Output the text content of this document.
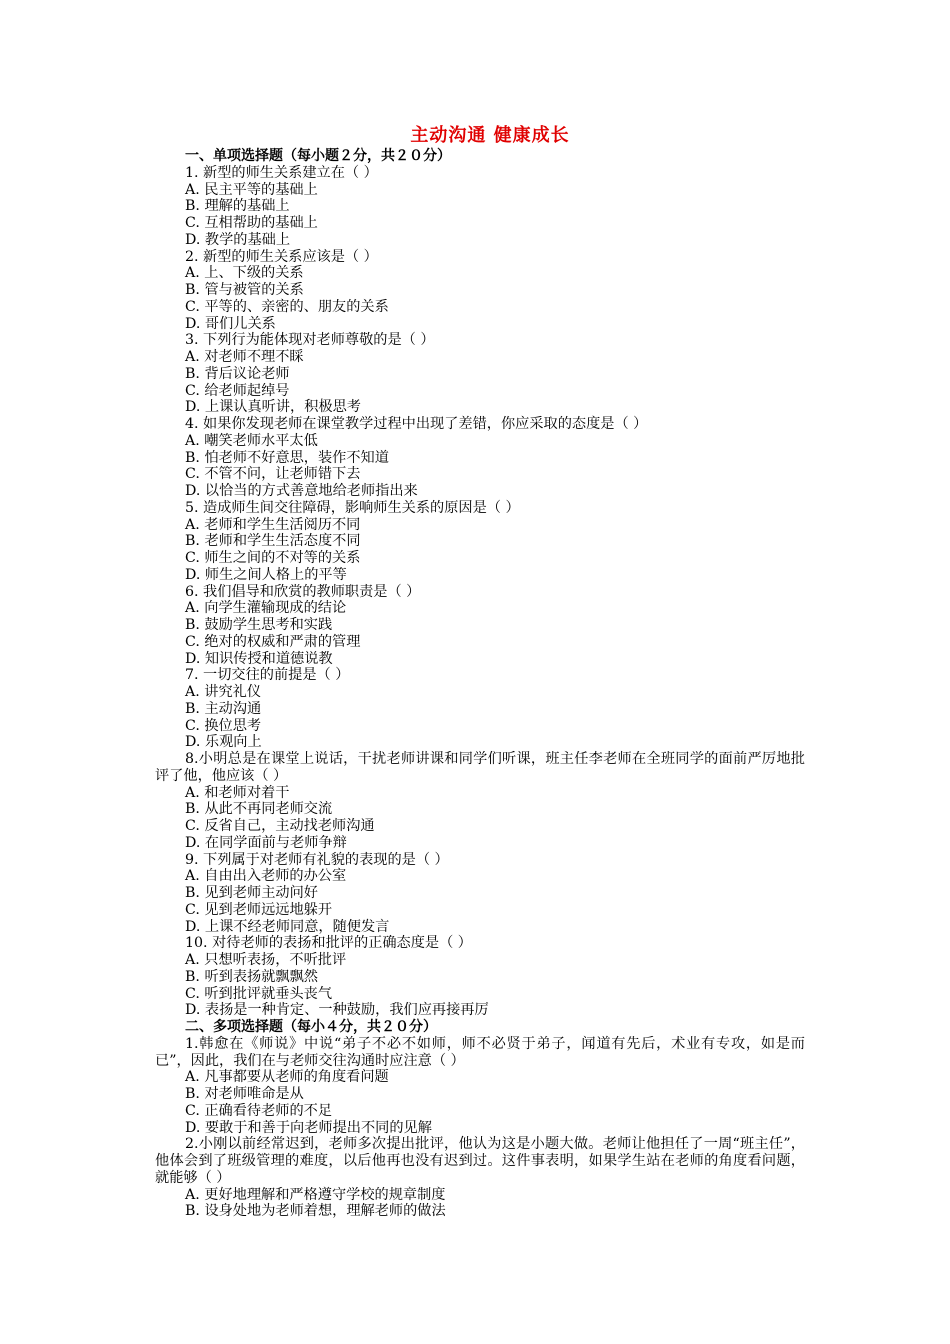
主动沟通 健康成长
一、单项选择题（每小题２分，共２０分）
1. 新型的师生关系建立在（ ）
A. 民主平等的基础上
B. 理解的基础上
C. 互相帮助的基础上
D. 教学的基础上
2. 新型的师生关系应该是（ ）
A. 上、下级的关系
B. 管与被管的关系
C. 平等的、亲密的、朋友的关系
D. 哥们儿关系
3. 下列行为能体现对老师尊敬的是（ ）
A. 对老师不理不睬
B. 背后议论老师
C. 给老师起绰号
D. 上课认真听讲，积极思考
4. 如果你发现老师在课堂教学过程中出现了差错，你应采取的态度是（ ）
A. 嘲笑老师水平太低
B. 怕老师不好意思，装作不知道
C. 不管不问，让老师错下去
D. 以恰当的方式善意地给老师指出来
5. 造成师生间交往障碍，影响师生关系的原因是（ ）
A. 老师和学生生活阅历不同
B. 老师和学生生活态度不同
C. 师生之间的不对等的关系
D. 师生之间人格上的平等
6. 我们倡导和欣赏的教师职责是（ ）
A. 向学生灌输现成的结论
B. 鼓励学生思考和实践
C. 绝对的权威和严肃的管理
D. 知识传授和道德说教
7. 一切交往的前提是（ ）
A. 讲究礼仪
B. 主动沟通
C. 换位思考
D. 乐观向上
8.小明总是在课堂上说话，干扰老师讲课和同学们听课，班主任李老师在全班同学的面前严厉地批评了他，他应该（ ）
A. 和老师对着干
B. 从此不再同老师交流
C. 反省自己，主动找老师沟通
D. 在同学面前与老师争辩
9. 下列属于对老师有礼貌的表现的是（ ）
A. 自由出入老师的办公室
B. 见到老师主动问好
C. 见到老师远远地躲开
D. 上课不经老师同意，随便发言
10. 对待老师的表扬和批评的正确态度是（ ）
A. 只想听表扬，不听批评
B. 听到表扬就飘飘然
C. 听到批评就垂头丧气
D. 表扬是一种肯定、一种鼓励，我们应再接再厉
二、多项选择题（每小４分，共２０分）
1.韩愈在《师说》中说“弟子不必不如师，师不必贤于弟子，闻道有先后，术业有专攻，如是而已”，因此，我们在与老师交往沟通时应注意（ ）
A. 凡事都要从老师的角度看问题
B. 对老师唯命是从
C. 正确看待老师的不足
D. 要敢于和善于向老师提出不同的见解
2.小刚以前经常迟到，老师多次提出批评，他认为这是小题大做。老师让他担任了一周“班主任”，他体会到了班级管理的难度，以后他再也没有迟到过。这件事表明，如果学生站在老师的角度看问题，就能够（ ）
A. 更好地理解和严格遵守学校的规章制度
B. 设身处地为老师着想，理解老师的做法
